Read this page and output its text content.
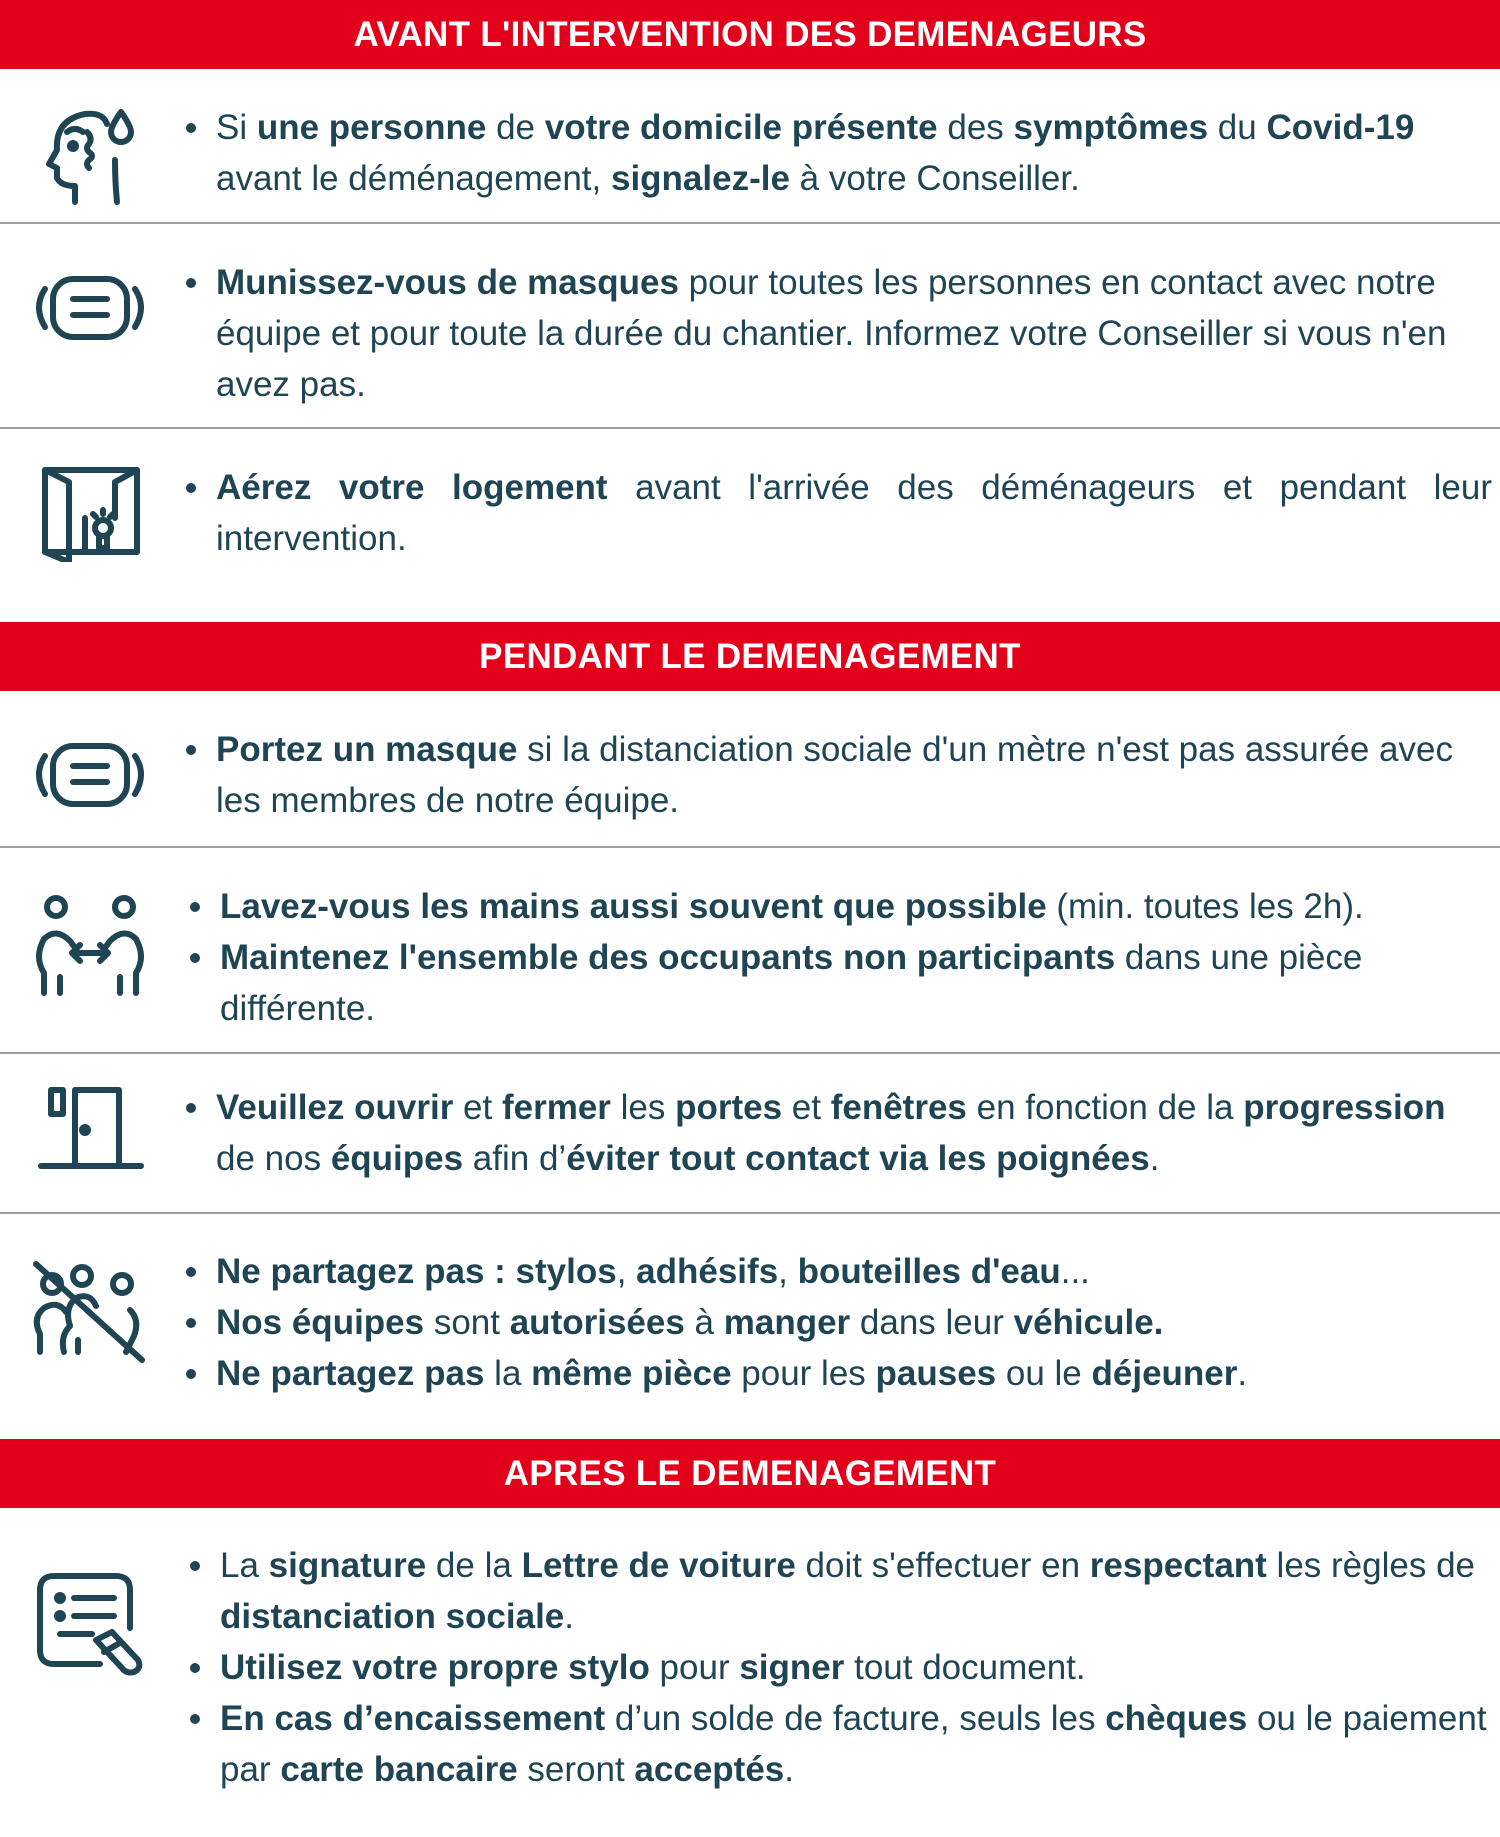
AVANT L'INTERVENTION DES DEMENAGEURS
Si une personne de votre domicile présente des symptômes du Covid-19 avant le déménagement, signalez-le à votre Conseiller.
Munissez-vous de masques pour toutes les personnes en contact avec notre équipe et pour toute la durée du chantier. Informez votre Conseiller si vous n'en avez pas.
Aérez votre logement avant l'arrivée des déménageurs et pendant leur intervention.
PENDANT LE DEMENAGEMENT
Portez un masque si la distanciation sociale d'un mètre n'est pas assurée avec les membres de notre équipe.
Lavez-vous les mains aussi souvent que possible (min. toutes les 2h).
Maintenez l'ensemble des occupants non participants dans une pièce différente.
Veuillez ouvrir et fermer les portes et fenêtres en fonction de la progression de nos équipes afin d’éviter tout contact via les poignées.
Ne partagez pas : stylos, adhésifs, bouteilles d'eau...
Nos équipes sont autorisées à manger dans leur véhicule.
Ne partagez pas la même pièce pour les pauses ou le déjeuner.
APRES LE DEMENAGEMENT
La signature de la Lettre de voiture doit s'effectuer en respectant les règles de distanciation sociale.
Utilisez votre propre stylo pour signer tout document.
En cas d’encaissement d’un solde de facture, seuls les chèques ou le paiement par carte bancaire seront acceptés.
